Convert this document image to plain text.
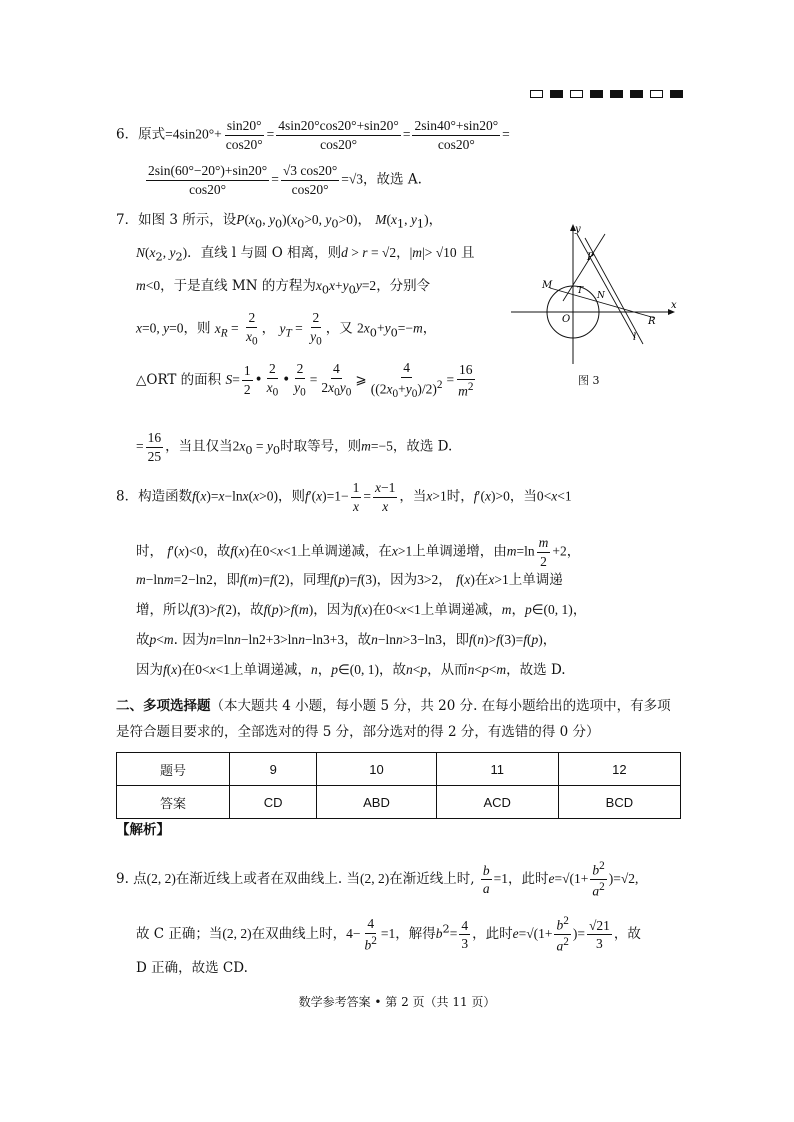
6．原式$=4\sin 20^\circ+ \frac{\sin 20^\circ}{\cos 20^\circ} = \frac{4\sin 20^\circ\cos 20^\circ+\sin 20^\circ}{\cos 20^\circ} = \frac{2\sin 40^\circ+\sin 20^\circ}{\cos 20^\circ}$ =
$\frac{2\sin(60^\circ-20^\circ)+\sin 20^\circ}{\cos 20^\circ} = \frac{√3 \cos 20^\circ}{\cos 20^\circ} =√3$，故选 A.
7．如图 3 所示，设$P(x_0$, $y_0)(x_0>0$, $y_0>0$)， $M(x_1$, $y_1$)，
$N(x_2$, $y_2$)．直线 l 与圆 O 相离，则d > r = √2，|m|> √10 且
m<0，于是直线 MN 的方程为$x_0x+y_0y=2$，分别令
x=0, y=0，则 $x_R = \frac{2}{x_0}$ ， $y_T = \frac{2}{y_0}$ ，又 $2x_0+y_0=-m$，
△ORT 的面积 $S= \frac{1}{2}$ • $\frac{2}{x_0}$ • $\frac{2}{y_0} = \frac{4}{2x_0y_0}$ ⩾ $\frac{4}{((2x_0+y_0)/2)^2} = \frac{16}{m^2}$
= $\frac{16}{25}$ ，当且仅当$2x_0 = y_0$时取等号，则m=−5，故选 D.
y
x
P
M	T N
O	R
l
图 3
8．构造函数f(x)=x−lnx(x>0)，则$f'(x)=1- \frac{1}{x} = \frac{x-1}{x}$ ，当x>1时，f′(x)>0，当0<x<1
时， f′(x)<0，故f(x)在0<x<1上单调递减，在x>1上单调递增，由$m=\ln \frac{m}{2} +2$，
m−lnm=2−ln2，即f(m)=f(2)，同理f(p)=f(3)，因为3>2， f(x)在x>1上单调递
增，所以f(3)>f(2)，故f(p)>f(m)，因为f(x)在0<x<1上单调递减，m，p∈(0, 1)，
故p<m. 因为n=lnn−ln2+3>lnn−ln3+3，故n−lnn>3−ln3，即f(n)>f(3)=f(p)，
因为f(x)在0<x<1上单调递减，n，p∈(0, 1)，故n<p，从而n<p<m，故选 D.
二、多项选择题（本大题共 4 小题，每小题 5 分，共 20 分. 在每小题给出的选项中，有多项
是符合题目要求的，全部选对的得 5 分，部分选对的得 2 分，有选错的得 0 分）
题号	9	10	11	12
答案	CD	ABD	ACD	BCD
【解析】
9. 点(2, 2)在渐近线上或者在双曲线上. 当(2, 2)在渐近线上时, $\frac{b}{a} =1$，此时$e=√(1+ \frac{b^2}{a^2} )=√2$,
故 C 正确；当(2, 2)在双曲线上时，$4- \frac{4}{b^2} =1$，解得$b^2= \frac{4}{3}$ ，此时$e=√(1+ \frac{b^2}{a^2}$ )= $\frac{√21}{3}$ ，故
D 正确，故选 CD.
数学参考答案 • 第 2 页（共 11 页）
